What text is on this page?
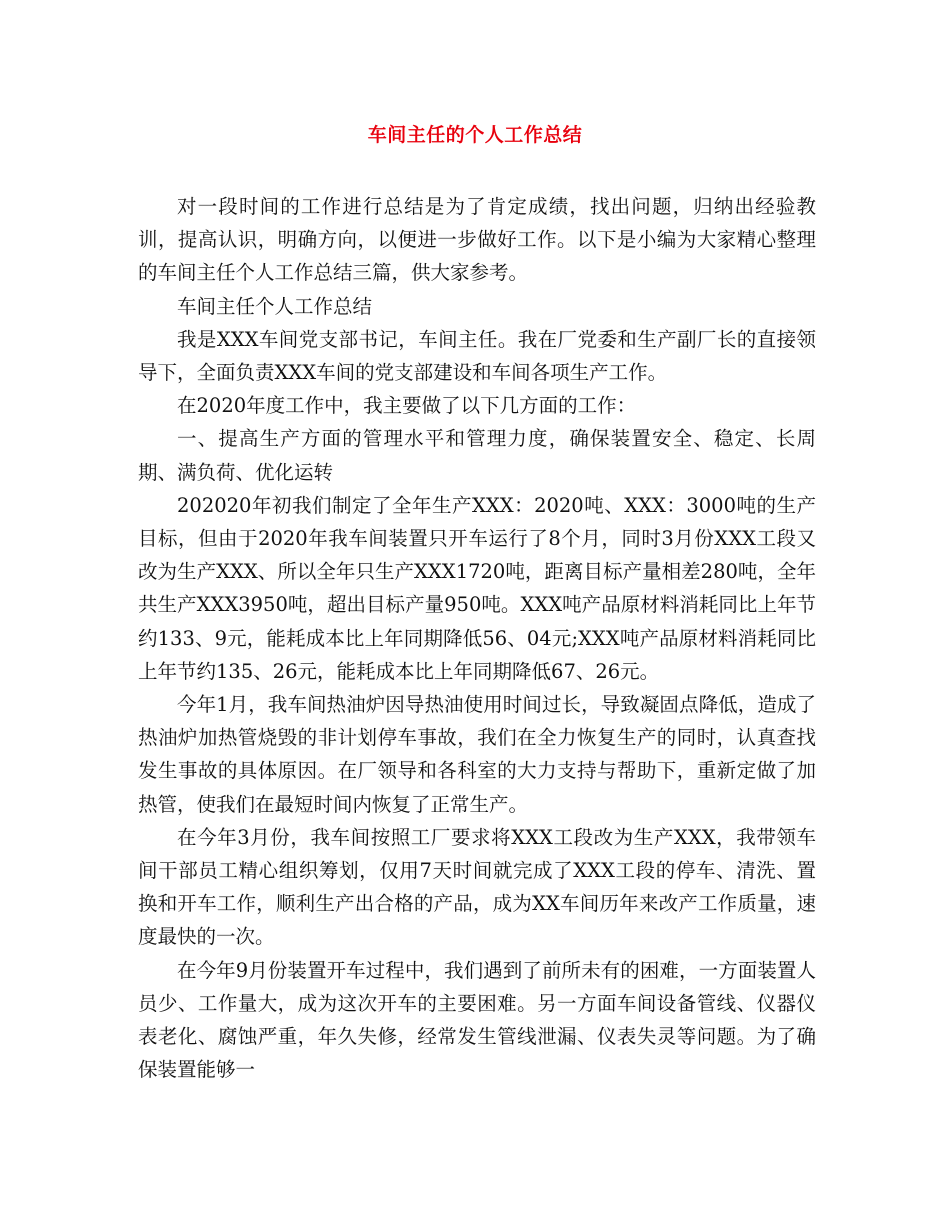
车间主任的个人工作总结

对一段时间的工作进行总结是为了肯定成绩，找出问题，归纳出经验教训，提高认识，明确方向，以便进一步做好工作。以下是小编为大家精心整理的车间主任个人工作总结三篇，供大家参考。

车间主任个人工作总结

我是XXX车间党支部书记，车间主任。我在厂党委和生产副厂长的直接领导下，全面负责XXX车间的党支部建设和车间各项生产工作。

在2020年度工作中，我主要做了以下几方面的工作：

一、提高生产方面的管理水平和管理力度，确保装置安全、稳定、长周期、满负荷、优化运转

202020年初我们制定了全年生产XXX：2020吨、XXX：3000吨的生产目标，但由于2020年我车间装置只开车运行了8个月，同时3月份XXX工段又改为生产XXX、所以全年只生产XXX1720吨，距离目标产量相差280吨，全年共生产XXX3950吨，超出目标产量950吨。XXX吨产品原材料消耗同比上年节约133、9元，能耗成本比上年同期降低56、04元;XXX吨产品原材料消耗同比上年节约135、26元，能耗成本比上年同期降低67、26元。

今年1月，我车间热油炉因导热油使用时间过长，导致凝固点降低，造成了热油炉加热管烧毁的非计划停车事故，我们在全力恢复生产的同时，认真查找发生事故的具体原因。在厂领导和各科室的大力支持与帮助下，重新定做了加热管，使我们在最短时间内恢复了正常生产。

在今年3月份，我车间按照工厂要求将XXX工段改为生产XXX，我带领车间干部员工精心组织筹划，仅用7天时间就完成了XXX工段的停车、清洗、置换和开车工作，顺利生产出合格的产品，成为XX车间历年来改产工作质量，速度最快的一次。

在今年9月份装置开车过程中，我们遇到了前所未有的困难，一方面装置人员少、工作量大，成为这次开车的主要困难。另一方面车间设备管线、仪器仪表老化、腐蚀严重，年久失修，经常发生管线泄漏、仪表失灵等问题。为了确保装置能够一
